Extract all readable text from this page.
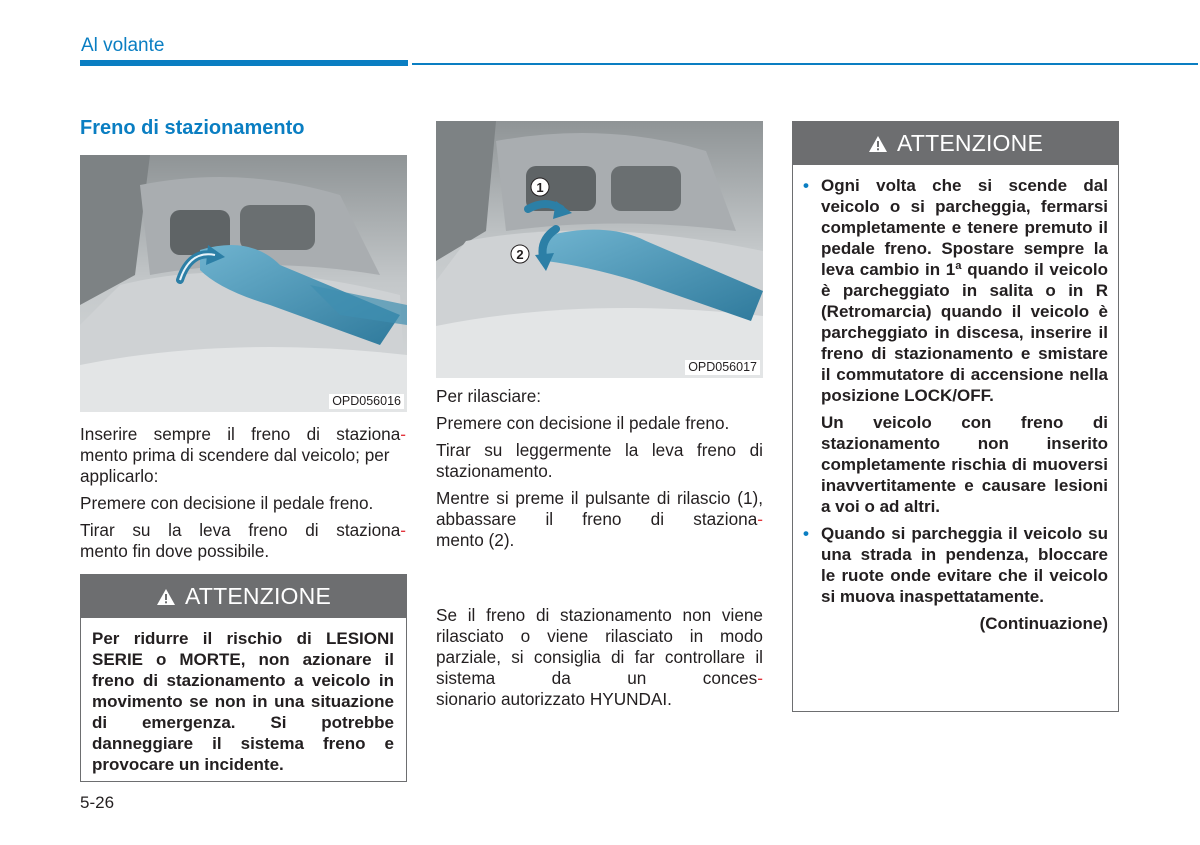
Al volante
Freno di stazionamento
OPD056016
1
2
OPD056017

Inserire sempre il freno di staziona-
mento prima di scendere dal veicolo; per applicarlo:

Premere con decisione il pedale freno.

Tirar su la leva freno di staziona-
mento fin dove possibile.

ATTENZIONE
Per ridurre il rischio di LESIONI SERIE o MORTE, non azionare il freno di stazionamento a veicolo in movimento se non in una situazione di emergenza. Si potrebbe danneggiare il sistema freno e provocare un incidente.

Per rilasciare:

Premere con decisione il pedale freno.

Tirar su leggermente la leva freno di stazionamento.

Mentre si preme il pulsante di rilascio (1), abbassare il freno di staziona-
mento (2).

Se il freno di stazionamento non viene rilasciato o viene rilasciato in modo parziale, si consiglia di far controllare il sistema da un conces-
sionario autorizzato HYUNDAI.

ATTENZIONE
• Ogni volta che si scende dal veicolo o si parcheggia, fermarsi completamente e tenere premuto il pedale freno. Spostare sempre la leva cambio in 1ª quando il veicolo è parcheggiato in salita o in R (Retromarcia) quando il veicolo è parcheggiato in discesa, inserire il freno di stazionamento e smistare il commutatore di accensione nella posizione LOCK/OFF.
Un veicolo con freno di stazionamento non inserito completamente rischia di muoversi inavvertitamente e causare lesioni a voi o ad altri.
• Quando si parcheggia il veicolo su una strada in pendenza, bloccare le ruote onde evitare che il veicolo si muova inaspettatamente.
(Continuazione)
5-26
